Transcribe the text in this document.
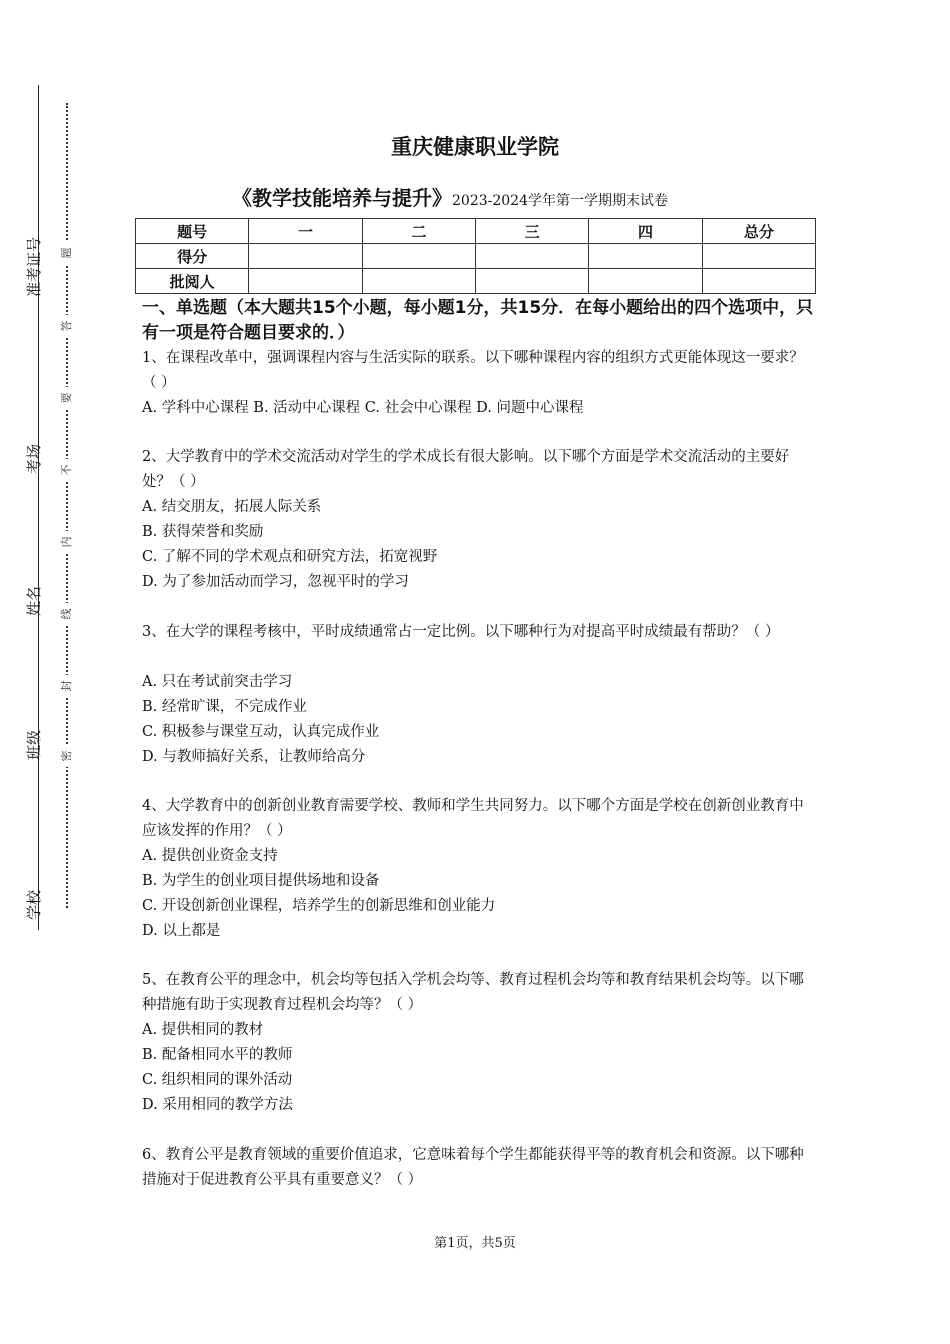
准考证号
考场
姓名
班级
学校
题
答
要
不
内
线
封
密
重庆健康职业学院
《教学技能培养与提升》2023-2024学年第一学期期末试卷
题号	一	二	三	四	总分
得分					
批阅人					
一、单选题（本大题共15个小题，每小题1分，共15分．在每小题给出的四个选项中，只有一项是符合题目要求的．）
1、在课程改革中，强调课程内容与生活实际的联系。以下哪种课程内容的组织方式更能体现这一要求？（ ）
A. 学科中心课程 B. 活动中心课程 C. 社会中心课程 D. 问题中心课程
2、大学教育中的学术交流活动对学生的学术成长有很大影响。以下哪个方面是学术交流活动的主要好处？（ ）
A. 结交朋友，拓展人际关系
B. 获得荣誉和奖励
C. 了解不同的学术观点和研究方法，拓宽视野
D. 为了参加活动而学习，忽视平时的学习
3、在大学的课程考核中，平时成绩通常占一定比例。以下哪种行为对提高平时成绩最有帮助？（ ）
A. 只在考试前突击学习
B. 经常旷课，不完成作业
C. 积极参与课堂互动，认真完成作业
D. 与教师搞好关系，让教师给高分
4、大学教育中的创新创业教育需要学校、教师和学生共同努力。以下哪个方面是学校在创新创业教育中应该发挥的作用？（ ）
A. 提供创业资金支持
B. 为学生的创业项目提供场地和设备
C. 开设创新创业课程，培养学生的创新思维和创业能力
D. 以上都是
5、在教育公平的理念中，机会均等包括入学机会均等、教育过程机会均等和教育结果机会均等。以下哪种措施有助于实现教育过程机会均等？（ ）
A. 提供相同的教材
B. 配备相同水平的教师
C. 组织相同的课外活动
D. 采用相同的教学方法
6、教育公平是教育领域的重要价值追求，它意味着每个学生都能获得平等的教育机会和资源。以下哪种措施对于促进教育公平具有重要意义？（ ）
第1页，共5页
